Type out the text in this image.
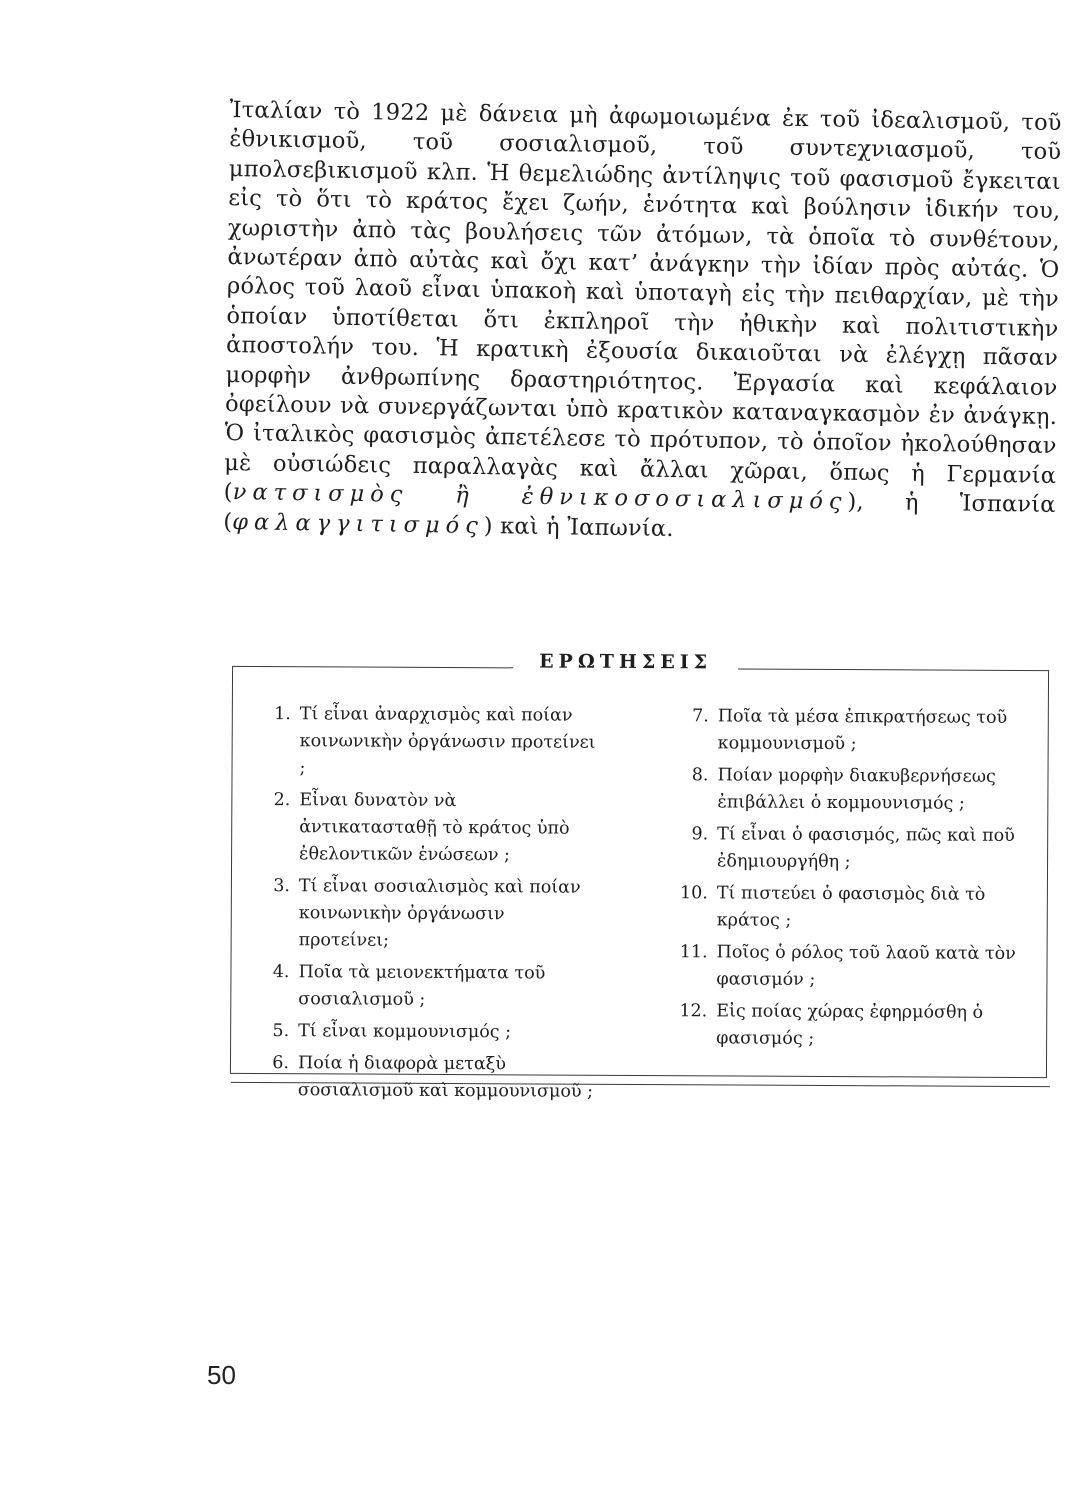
Ἰταλίαν τὸ 1922 μὲ δάνεια μὴ ἀφωμοιωμένα ἐκ τοῦ ἰδεαλισμοῦ, τοῦ ἐθνικισμοῦ, τοῦ σοσιαλισμοῦ, τοῦ συντεχνιασμοῦ, τοῦ μπολσεβικισμοῦ κλπ. Ἡ θεμελιώδης ἀντίληψις τοῦ φασισμοῦ ἔγκειται εἰς τὸ ὅτι τὸ κράτος ἔχει ζωήν, ἑνότητα καὶ βούλησιν ἰδικήν του, χωριστὴν ἀπὸ τὰς βουλήσεις τῶν ἀτόμων, τὰ ὁποῖα τὸ συνθέτουν, ἀνωτέραν ἀπὸ αὐτὰς καὶ ὄχι κατ’ ἀνάγκην τὴν ἰδίαν πρὸς αὐτάς. Ὁ ρόλος τοῦ λαοῦ εἶναι ὑπακοὴ καὶ ὑποταγὴ εἰς τὴν πειθαρχίαν, μὲ τὴν ὁποίαν ὑποτίθεται ὅτι ἐκπληροῖ τὴν ἠθικὴν καὶ πολιτιστικὴν ἀποστολήν του. Ἡ κρατικὴ ἐξουσία δικαιοῦται νὰ ἐλέγχῃ πᾶσαν μορφὴν ἀνθρωπίνης δραστηριότητος. Ἐργασία καὶ κεφάλαιον ὀφείλουν νὰ συνεργάζωνται ὑπὸ κρατικὸν καταναγκασμὸν ἐν ἀνάγκῃ. Ὁ ἰταλικὸς φασισμὸς ἀπετέλεσε τὸ πρότυπον, τὸ ὁποῖον ἠκολούθησαν μὲ οὐσιώδεις παραλλαγὰς καὶ ἄλλαι χῶραι, ὅπως ἡ Γερμανία (νατσισμὸς ἢ ἐθνικοσοσιαλισμός), ἡ Ἱσπανία (φαλαγγιτισμός) καὶ ἡ Ἰαπωνία.

ΕΡΩΤΗΣΕΙΣ
1. Τί εἶναι ἀναρχισμὸς καὶ ποίαν κοινωνικὴν ὀργάνωσιν προτείνει ;
2. Εἶναι δυνατὸν νὰ ἀντικατασταθῇ τὸ κράτος ὑπὸ ἐθελοντικῶν ἑνώσεων ;
3. Τί εἶναι σοσιαλισμὸς καὶ ποίαν κοινωνικὴν ὀργάνωσιν προτείνει;
4. Ποῖα τὰ μειονεκτήματα τοῦ σοσιαλισμοῦ ;
5. Τί εἶναι κομμουνισμός ;
6. Ποία ἡ διαφορὰ μεταξὺ σοσιαλισμοῦ καὶ κομμουνισμοῦ ;
7. Ποῖα τὰ μέσα ἐπικρατήσεως τοῦ κομμουνισμοῦ ;
8. Ποίαν μορφὴν διακυβερνήσεως ἐπιβάλλει ὁ κομμουνισμός ;
9. Τί εἶναι ὁ φασισμός, πῶς καὶ ποῦ ἐδημιουργήθη ;
10. Τί πιστεύει ὁ φασισμὸς διὰ τὸ κράτος ;
11. Ποῖος ὁ ρόλος τοῦ λαοῦ κατὰ τὸν φασισμόν ;
12. Εἰς ποίας χώρας ἐφηρμόσθη ὁ φασισμός ;
50
